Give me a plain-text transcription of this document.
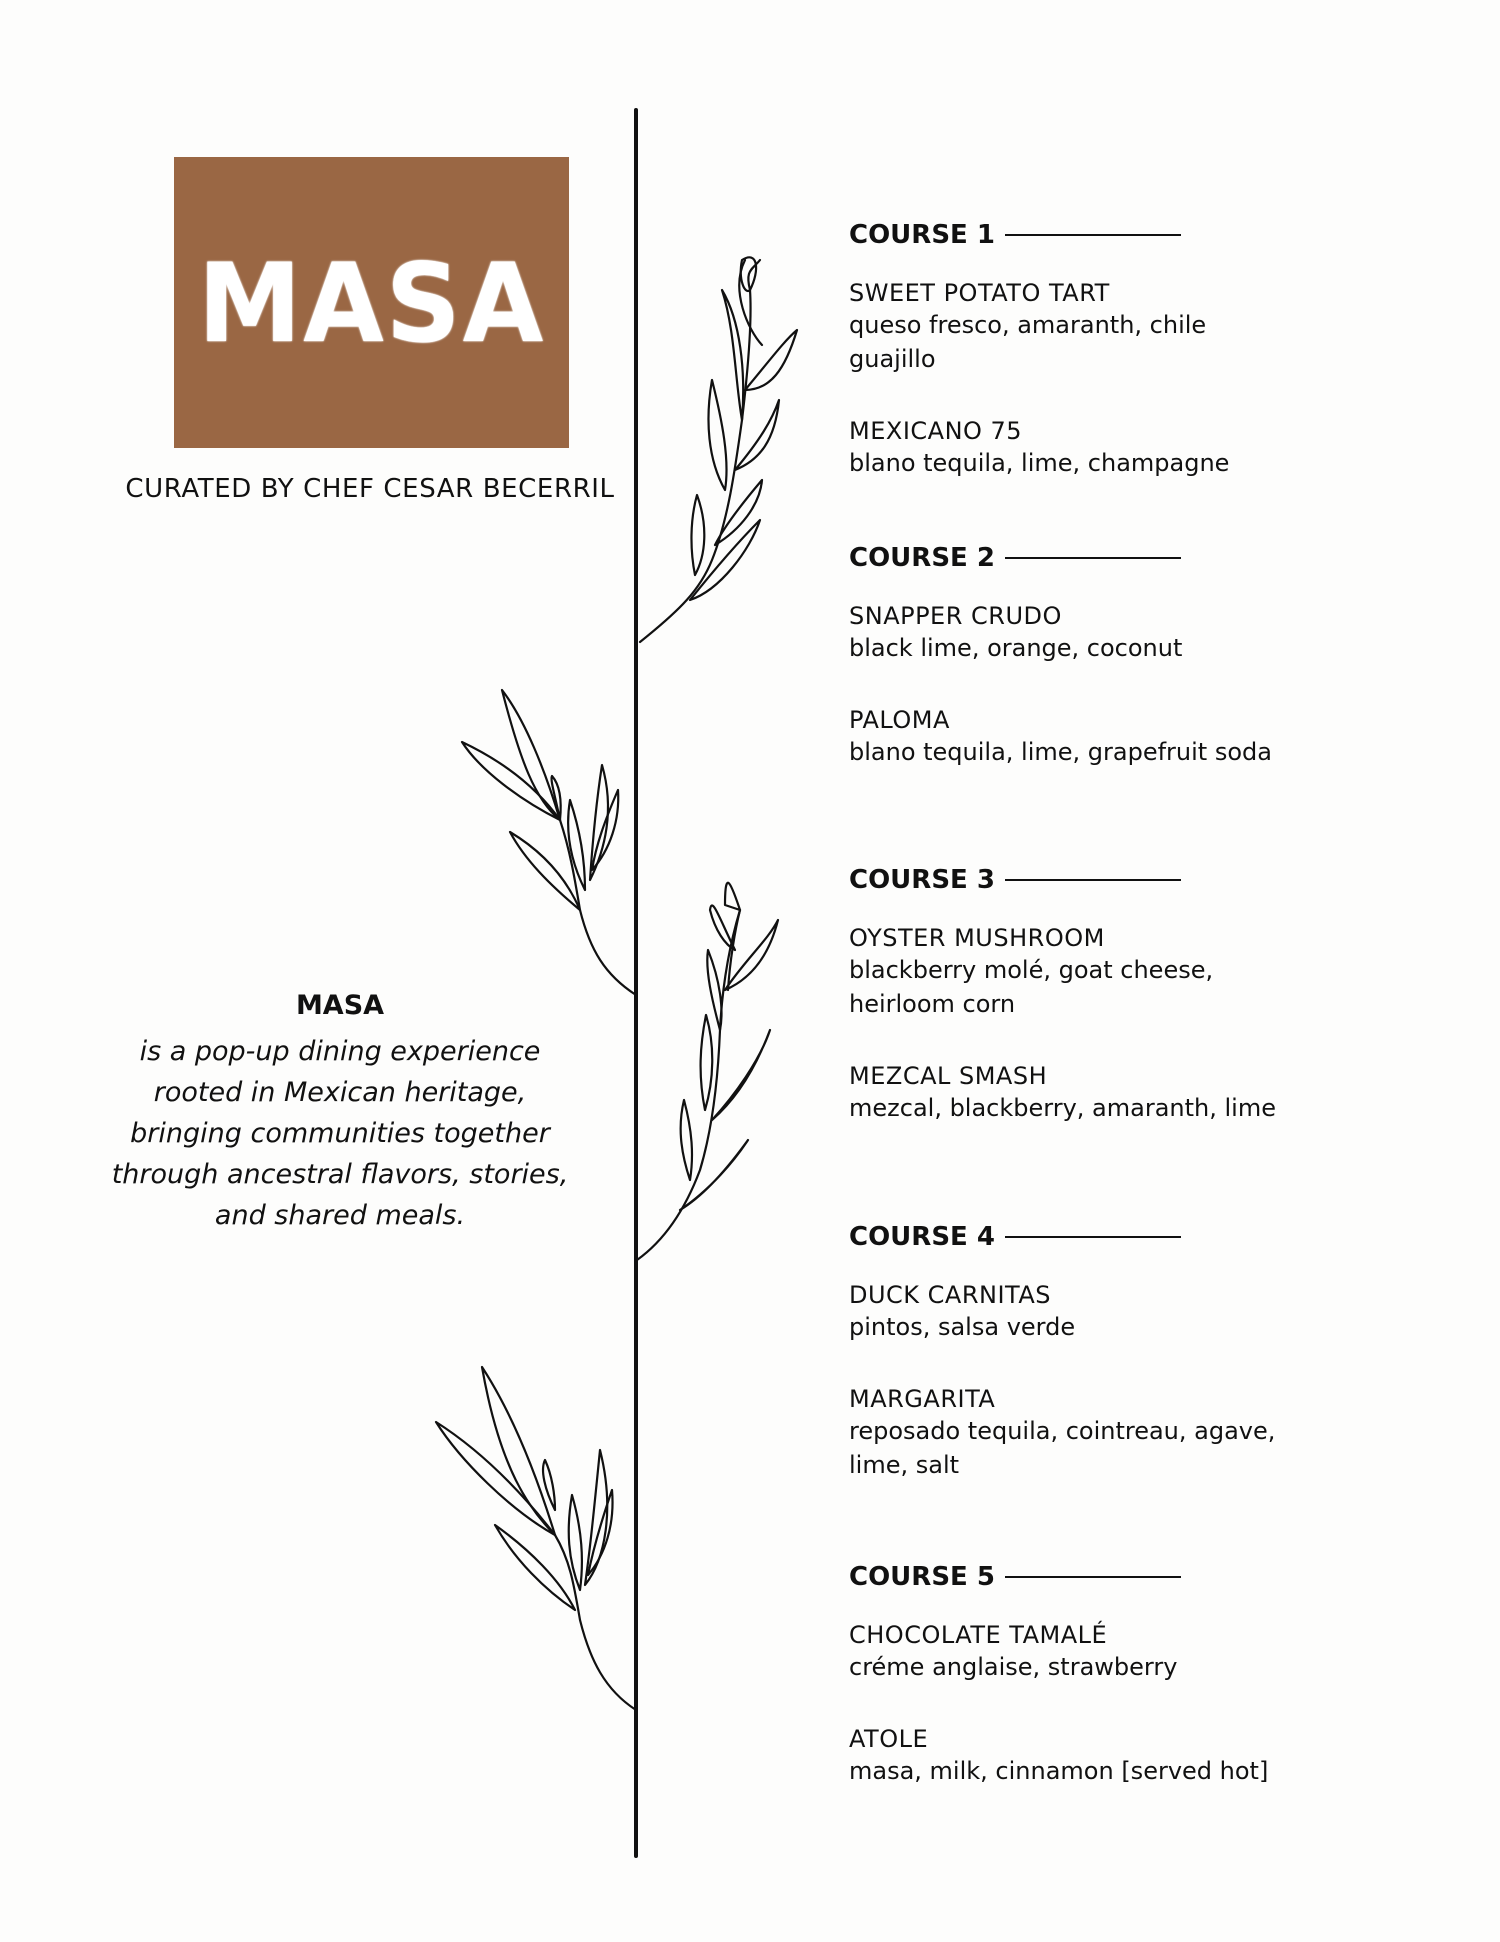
MASA
CURATED BY CHEF CESAR BECERRIL
MASA
is a pop-up dining experience rooted in Mexican heritage, bringing communities together through ancestral flavors, stories, and shared meals.
COURSE 1
SWEET POTATO TART
queso fresco, amaranth, chile guajillo
MEXICANO 75
blano tequila, lime, champagne
COURSE 2
SNAPPER CRUDO
black lime, orange, coconut
PALOMA
blano tequila, lime, grapefruit soda
COURSE 3
OYSTER MUSHROOM
blackberry molé, goat cheese, heirloom corn
MEZCAL SMASH
mezcal, blackberry, amaranth, lime
COURSE 4
DUCK CARNITAS
pintos, salsa verde
MARGARITA
reposado tequila, cointreau, agave, lime, salt
COURSE 5
CHOCOLATE TAMALÉ
créme anglaise, strawberry
ATOLE
masa, milk, cinnamon [served hot]
